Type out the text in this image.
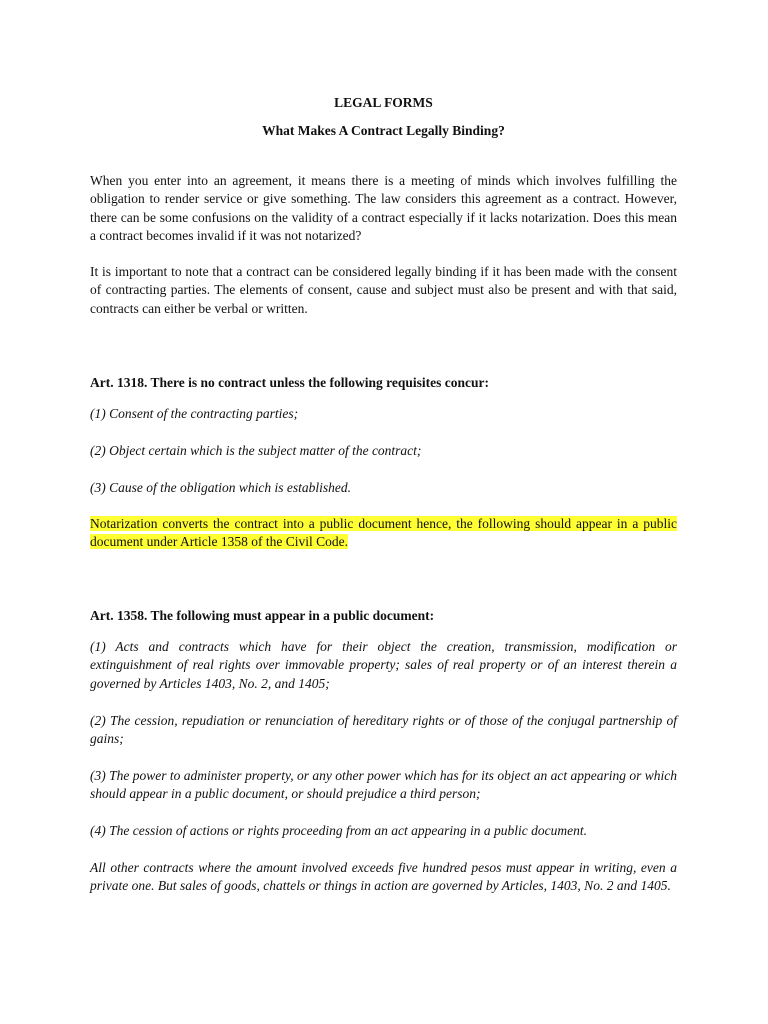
LEGAL FORMS
What Makes A Contract Legally Binding?

When you enter into an agreement, it means there is a meeting of minds which involves fulfilling the obligation to render service or give something. The law considers this agreement as a contract. However, there can be some confusions on the validity of a contract especially if it lacks notarization. Does this mean a contract becomes invalid if it was not notarized?

It is important to note that a contract can be considered legally binding if it has been made with the consent of contracting parties. The elements of consent, cause and subject must also be present and with that said, contracts can either be verbal or written.

Art. 1318. There is no contract unless the following requisites concur:

(1) Consent of the contracting parties;

(2) Object certain which is the subject matter of the contract;

(3) Cause of the obligation which is established.

Notarization converts the contract into a public document hence, the following should appear in a public document under Article 1358 of the Civil Code.

Art. 1358. The following must appear in a public document:

(1) Acts and contracts which have for their object the creation, transmission, modification or extinguishment of real rights over immovable property; sales of real property or of an interest therein a governed by Articles 1403, No. 2, and 1405;

(2) The cession, repudiation or renunciation of hereditary rights or of those of the conjugal partnership of gains;

(3) The power to administer property, or any other power which has for its object an act appearing or which should appear in a public document, or should prejudice a third person;

(4) The cession of actions or rights proceeding from an act appearing in a public document.

All other contracts where the amount involved exceeds five hundred pesos must appear in writing, even a private one. But sales of goods, chattels or things in action are governed by Articles, 1403, No. 2 and 1405.
